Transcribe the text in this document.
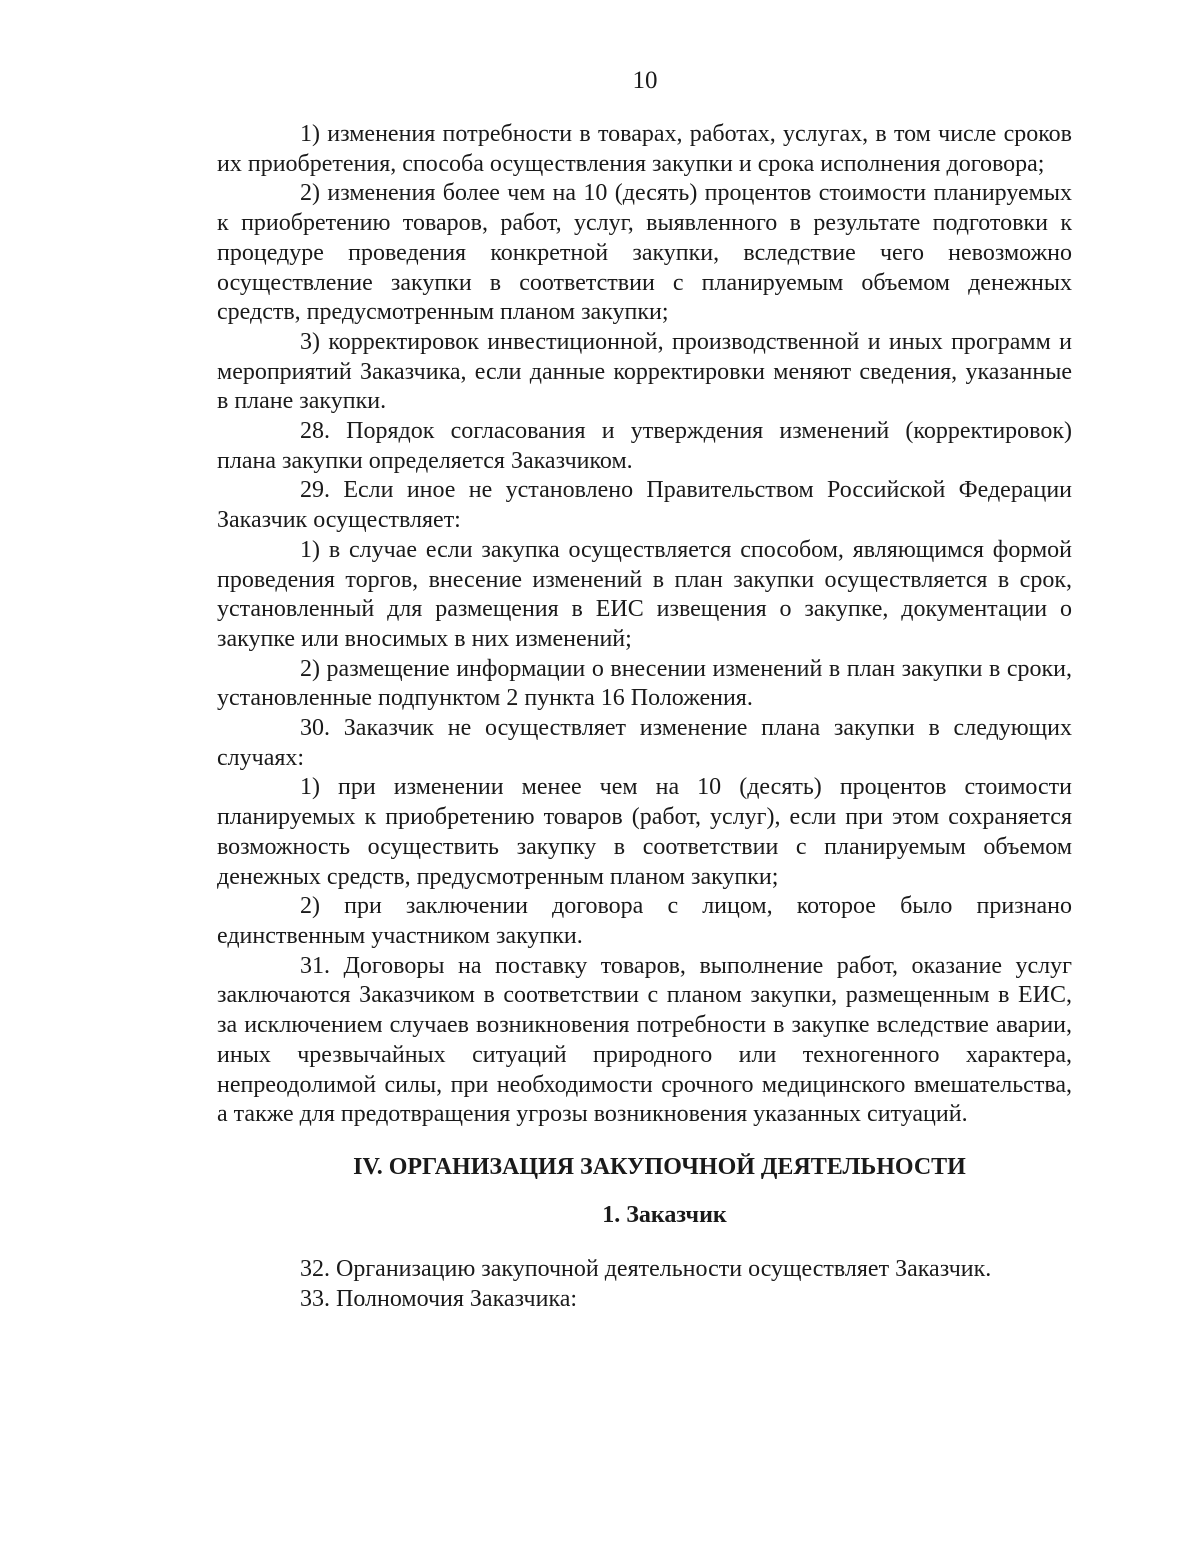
10

1) изменения потребности в товарах, работах, услугах, в том числе сроков их приобретения, способа осуществления закупки и срока исполнения договора;

2) изменения более чем на 10 (десять) процентов стоимости планируемых к приобретению товаров, работ, услуг, выявленного в результате подготовки к процедуре проведения конкретной закупки, вследствие чего невозможно осуществление закупки в соответствии с планируемым объемом денежных средств, предусмотренным планом закупки;

3) корректировок инвестиционной, производственной и иных программ и мероприятий Заказчика, если данные корректировки меняют сведения, указанные в плане закупки.

28. Порядок согласования и утверждения изменений (корректировок) плана закупки определяется Заказчиком.

29. Если иное не установлено Правительством Российской Федерации Заказчик осуществляет:

1) в случае если закупка осуществляется способом, являющимся формой проведения торгов, внесение изменений в план закупки осуществляется в срок, установленный для размещения в ЕИС извещения о закупке, документации о закупке или вносимых в них изменений;

2) размещение информации о внесении изменений в план закупки в сроки, установленные подпунктом 2 пункта 16 Положения.

30. Заказчик не осуществляет изменение плана закупки в следующих случаях:

1) при изменении менее чем на 10 (десять) процентов стоимости планируемых к приобретению товаров (работ, услуг), если при этом сохраняется возможность осуществить закупку в соответствии с планируемым объемом денежных средств, предусмотренным планом закупки;

2) при заключении договора с лицом, которое было признано единственным участником закупки.

31. Договоры на поставку товаров, выполнение работ, оказание услуг заключаются Заказчиком в соответствии с планом закупки, размещенным в ЕИС, за исключением случаев возникновения потребности в закупке вследствие аварии, иных чрезвычайных ситуаций природного или техногенного характера, непреодолимой силы, при необходимости срочного медицинского вмешательства, а также для предотвращения угрозы возникновения указанных ситуаций.

IV. ОРГАНИЗАЦИЯ ЗАКУПОЧНОЙ ДЕЯТЕЛЬНОСТИ
1. Заказчик

32. Организацию закупочной деятельности осуществляет Заказчик.

33. Полномочия Заказчика:
